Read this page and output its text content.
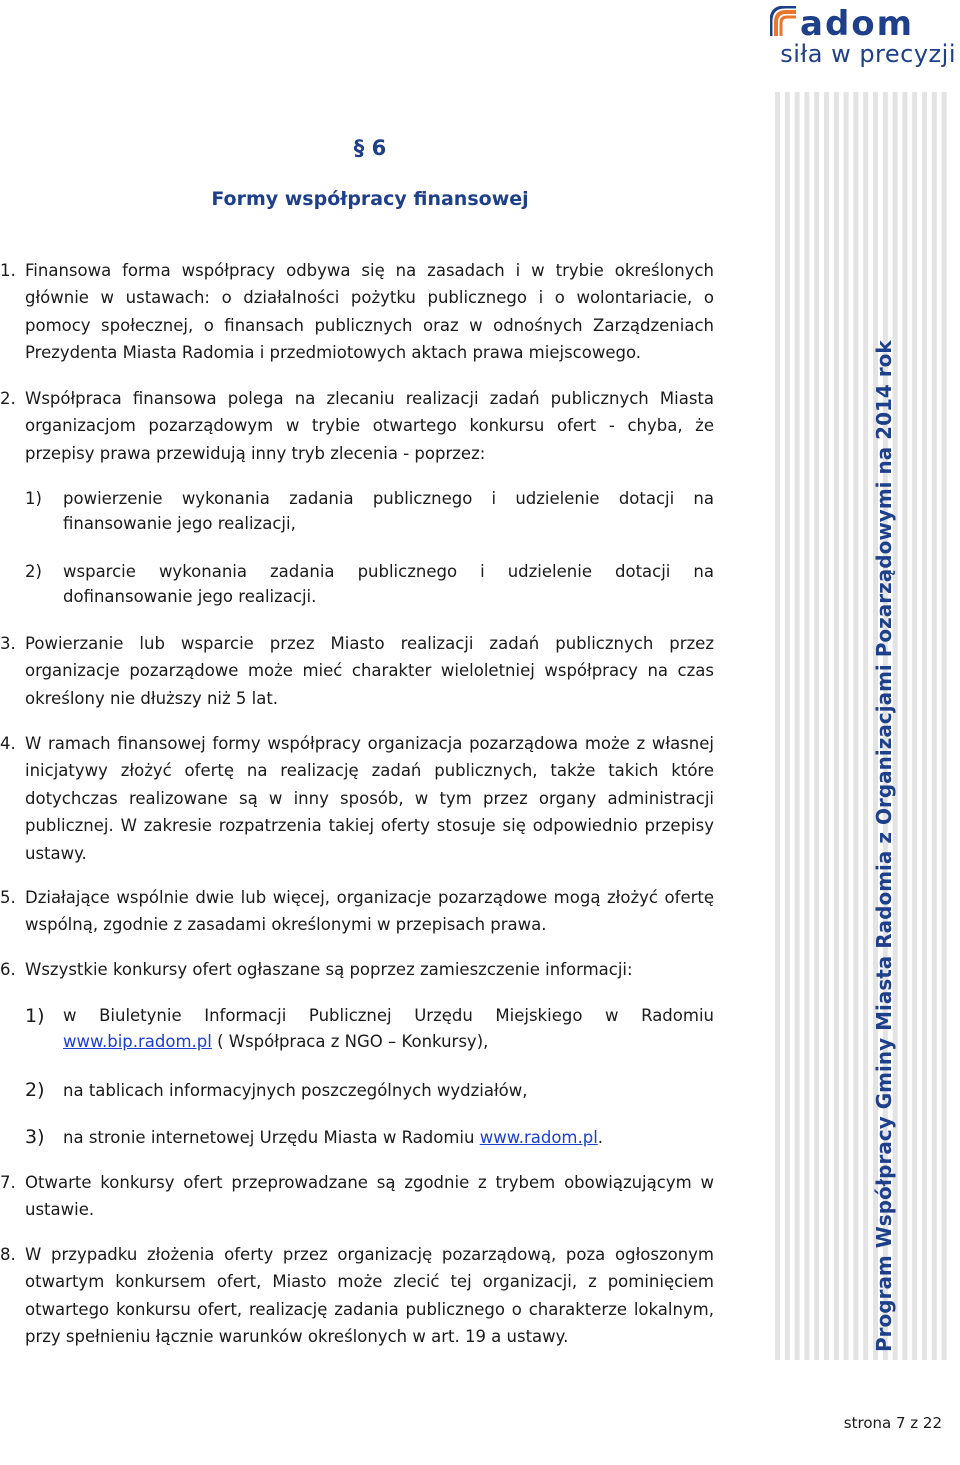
adom
siła w precyzji
Program Współpracy Gminy Miasta Radomia z Organizacjami Pozarządowymi na 2014 rok
strona 7 z 22
§ 6
Formy współpracy finansowej
1. Finansowa forma współpracy odbywa się na zasadach i w trybie określonych głównie w ustawach: o działalności pożytku publicznego i o wolontariacie, o pomocy społecznej, o finansach publicznych oraz w odnośnych Zarządzeniach Prezydenta Miasta Radomia i przedmiotowych aktach prawa miejscowego.
2. Współpraca finansowa polega na zlecaniu realizacji zadań publicznych Miasta organizacjom pozarządowym w trybie otwartego konkursu ofert - chyba, że przepisy prawa przewidują inny tryb zlecenia - poprzez:
1)	powierzenie wykonania zadania publicznego i udzielenie dotacji na finansowanie jego realizacji,
2)	wsparcie wykonania zadania publicznego i udzielenie dotacji na dofinansowanie jego realizacji.
3. Powierzanie lub wsparcie przez Miasto realizacji zadań publicznych przez organizacje pozarządowe może mieć charakter wieloletniej współpracy na czas określony nie dłuższy niż 5 lat.
4. W ramach finansowej formy współpracy organizacja pozarządowa może z własnej inicjatywy złożyć ofertę na realizację zadań publicznych, także takich które dotychczas realizowane są w inny sposób, w tym przez organy administracji publicznej. W zakresie rozpatrzenia takiej oferty stosuje się odpowiednio przepisy ustawy.
5. Działające wspólnie dwie lub więcej, organizacje pozarządowe mogą złożyć ofertę wspólną, zgodnie z zasadami określonymi w przepisach prawa.
6. Wszystkie konkursy ofert ogłaszane są poprzez zamieszczenie informacji:
1)	w Biuletynie Informacji Publicznej Urzędu Miejskiego w Radomiu www.bip.radom.pl ( Współpraca z NGO – Konkursy),
2)	na tablicach informacyjnych poszczególnych wydziałów,
3)	na stronie internetowej Urzędu Miasta w Radomiu www.radom.pl.
7. Otwarte konkursy ofert przeprowadzane są zgodnie z trybem obowiązującym w ustawie.
8. W przypadku złożenia oferty przez organizację pozarządową, poza ogłoszonym otwartym konkursem ofert, Miasto może zlecić tej organizacji, z pominięciem otwartego konkursu ofert, realizację zadania publicznego o charakterze lokalnym, przy spełnieniu łącznie warunków określonych w art. 19 a ustawy.
